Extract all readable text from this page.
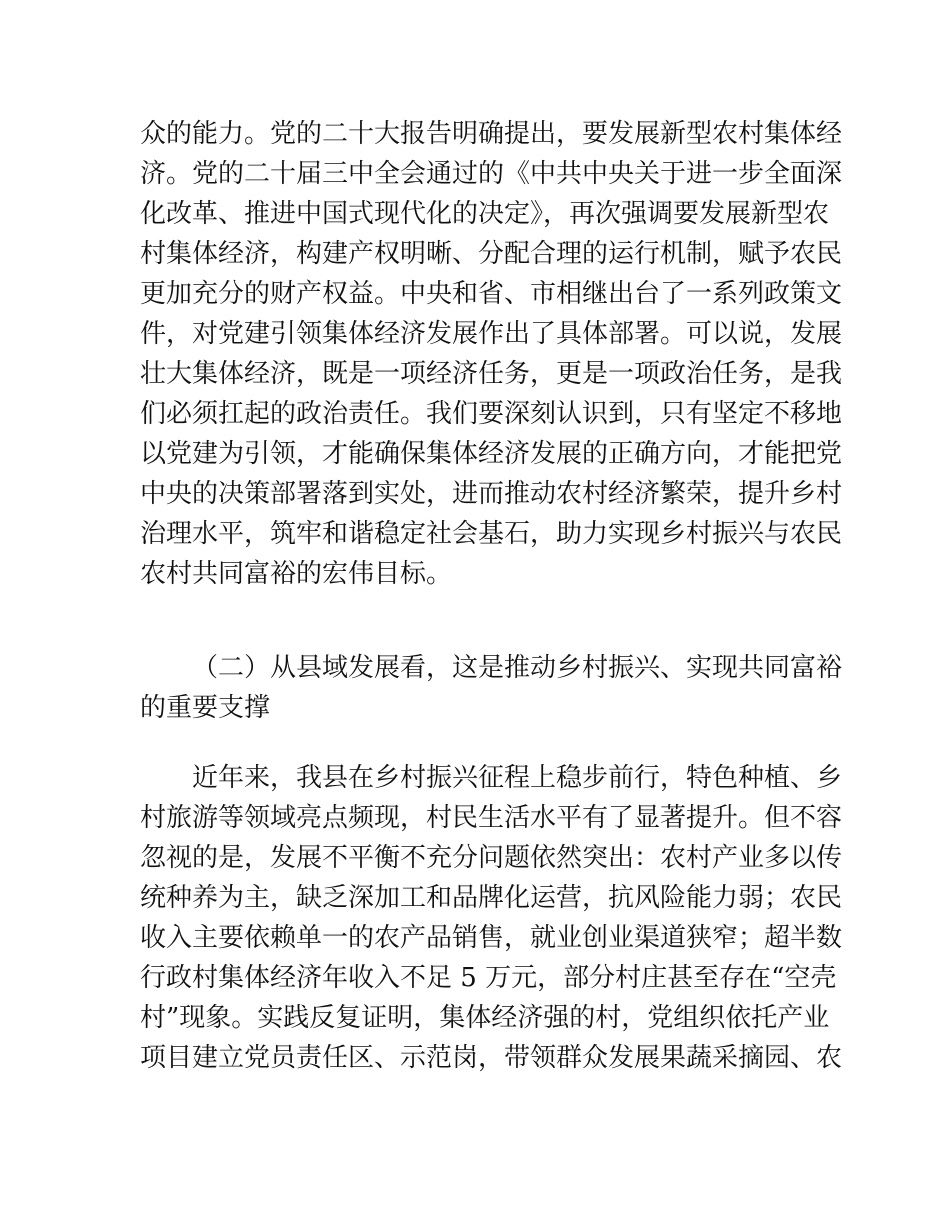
众的能力。党的二十大报告明确提出，要发展新型农村集体经
济。党的二十届三中全会通过的《中共中央关于进一步全面深
化改革、推进中国式现代化的决定》，再次强调要发展新型农
村集体经济，构建产权明晰、分配合理的运行机制，赋予农民
更加充分的财产权益。中央和省、市相继出台了一系列政策文
件，对党建引领集体经济发展作出了具体部署。可以说，发展
壮大集体经济，既是一项经济任务，更是一项政治任务，是我
们必须扛起的政治责任。我们要深刻认识到，只有坚定不移地
以党建为引领，才能确保集体经济发展的正确方向，才能把党
中央的决策部署落到实处，进而推动农村经济繁荣，提升乡村
治理水平，筑牢和谐稳定社会基石，助力实现乡村振兴与农民
农村共同富裕的宏伟目标。
（二）从县域发展看，这是推动乡村振兴、实现共同富裕
的重要支撑
近年来，我县在乡村振兴征程上稳步前行，特色种植、乡
村旅游等领域亮点频现，村民生活水平有了显著提升。但不容
忽视的是，发展不平衡不充分问题依然突出：农村产业多以传
统种养为主，缺乏深加工和品牌化运营，抗风险能力弱；农民
收入主要依赖单一的农产品销售，就业创业渠道狭窄；超半数
行政村集体经济年收入不足 5 万元，部分村庄甚至存在“空壳
村”现象。实践反复证明，集体经济强的村，党组织依托产业
项目建立党员责任区、示范岗，带领群众发展果蔬采摘园、农
